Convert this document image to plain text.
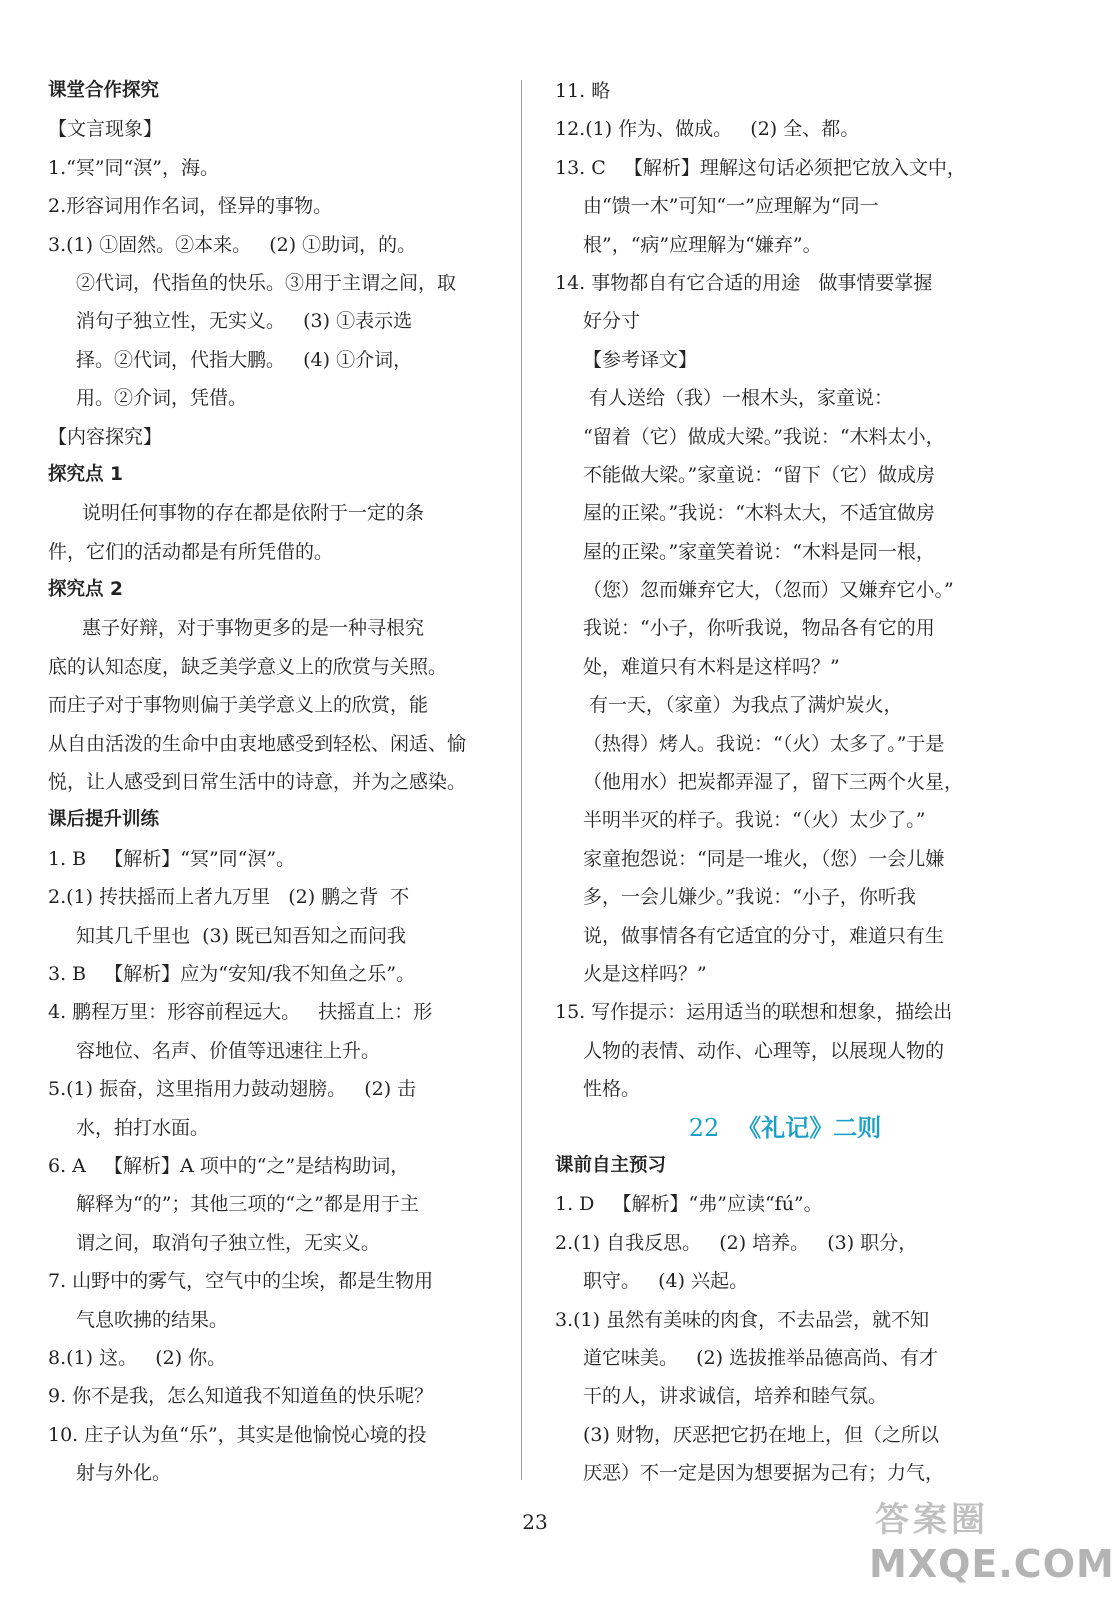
课堂合作探究
【文言现象】
1.“冥”同“溟”，海。
2.形容词用作名词，怪异的事物。
3.(1) ①固然。②本来。   (2) ①助词，的。
②代词，代指鱼的快乐。③用于主谓之间，取
消句子独立性，无实义。   (3) ①表示选
择。②代词，代指大鹏。   (4) ①介词，
用。②介词，凭借。
【内容探究】
探究点 1
说明任何事物的存在都是依附于一定的条
件，它们的活动都是有所凭借的。
探究点 2
惠子好辩，对于事物更多的是一种寻根究
底的认知态度，缺乏美学意义上的欣赏与关照。
而庄子对于事物则偏于美学意义上的欣赏，能
从自由活泼的生命中由衷地感受到轻松、闲适、愉
悦，让人感受到日常生活中的诗意，并为之感染。
课后提升训练
1. B   【解析】“冥”同“溟”。
2.(1) 抟扶摇而上者九万里   (2) 鹏之背  不
知其几千里也  (3) 既已知吾知之而问我
3. B   【解析】应为“安知/我不知鱼之乐”。
4. 鹏程万里：形容前程远大。   扶摇直上：形
容地位、名声、价值等迅速往上升。
5.(1) 振奋，这里指用力鼓动翅膀。   (2) 击
水，拍打水面。
6. A   【解析】A 项中的“之”是结构助词，
解释为“的”；其他三项的“之”都是用于主
谓之间，取消句子独立性，无实义。
7. 山野中的雾气，空气中的尘埃，都是生物用
气息吹拂的结果。
8.(1) 这。   (2) 你。
9. 你不是我，怎么知道我不知道鱼的快乐呢？
10. 庄子认为鱼“乐”，其实是他愉悦心境的投
射与外化。
11. 略
12.(1) 作为、做成。   (2) 全、都。
13. C   【解析】理解这句话必须把它放入文中，
由“馈一木”可知“一”应理解为“同一
根”，“病”应理解为“嫌弃”。
14. 事物都自有它合适的用途   做事情要掌握
好分寸
【参考译文】
有人送给（我）一根木头，家童说：
“留着（它）做成大梁。”我说：“木料太小，
不能做大梁。”家童说：“留下（它）做成房
屋的正梁。”我说：“木料太大，不适宜做房
屋的正梁。”家童笑着说：“木料是同一根，
（您）忽而嫌弃它大，（忽而）又嫌弃它小。”
我说：“小子，你听我说，物品各有它的用
处，难道只有木料是这样吗？”
有一天，（家童）为我点了满炉炭火，
（热得）烤人。我说：“（火）太多了。”于是
（他用水）把炭都弄湿了，留下三两个火星，
半明半灭的样子。我说：“（火）太少了。”
家童抱怨说：“同是一堆火，（您）一会儿嫌
多，一会儿嫌少。”我说：“小子，你听我
说，做事情各有它适宜的分寸，难道只有生
火是这样吗？”
15. 写作提示：运用适当的联想和想象，描绘出
人物的表情、动作、心理等，以展现人物的
性格。
22 《礼记》二则
课前自主预习
1. D   【解析】“弗”应读“fú”。
2.(1) 自我反思。   (2) 培养。   (3) 职分，
职守。   (4) 兴起。
3.(1) 虽然有美味的肉食，不去品尝，就不知
道它味美。   (2) 选拔推举品德高尚、有才
干的人，讲求诚信，培养和睦气氛。
(3) 财物，厌恶把它扔在地上，但（之所以
厌恶）不一定是因为想要据为己有；力气，
23	答案圈
MXQE.COM
